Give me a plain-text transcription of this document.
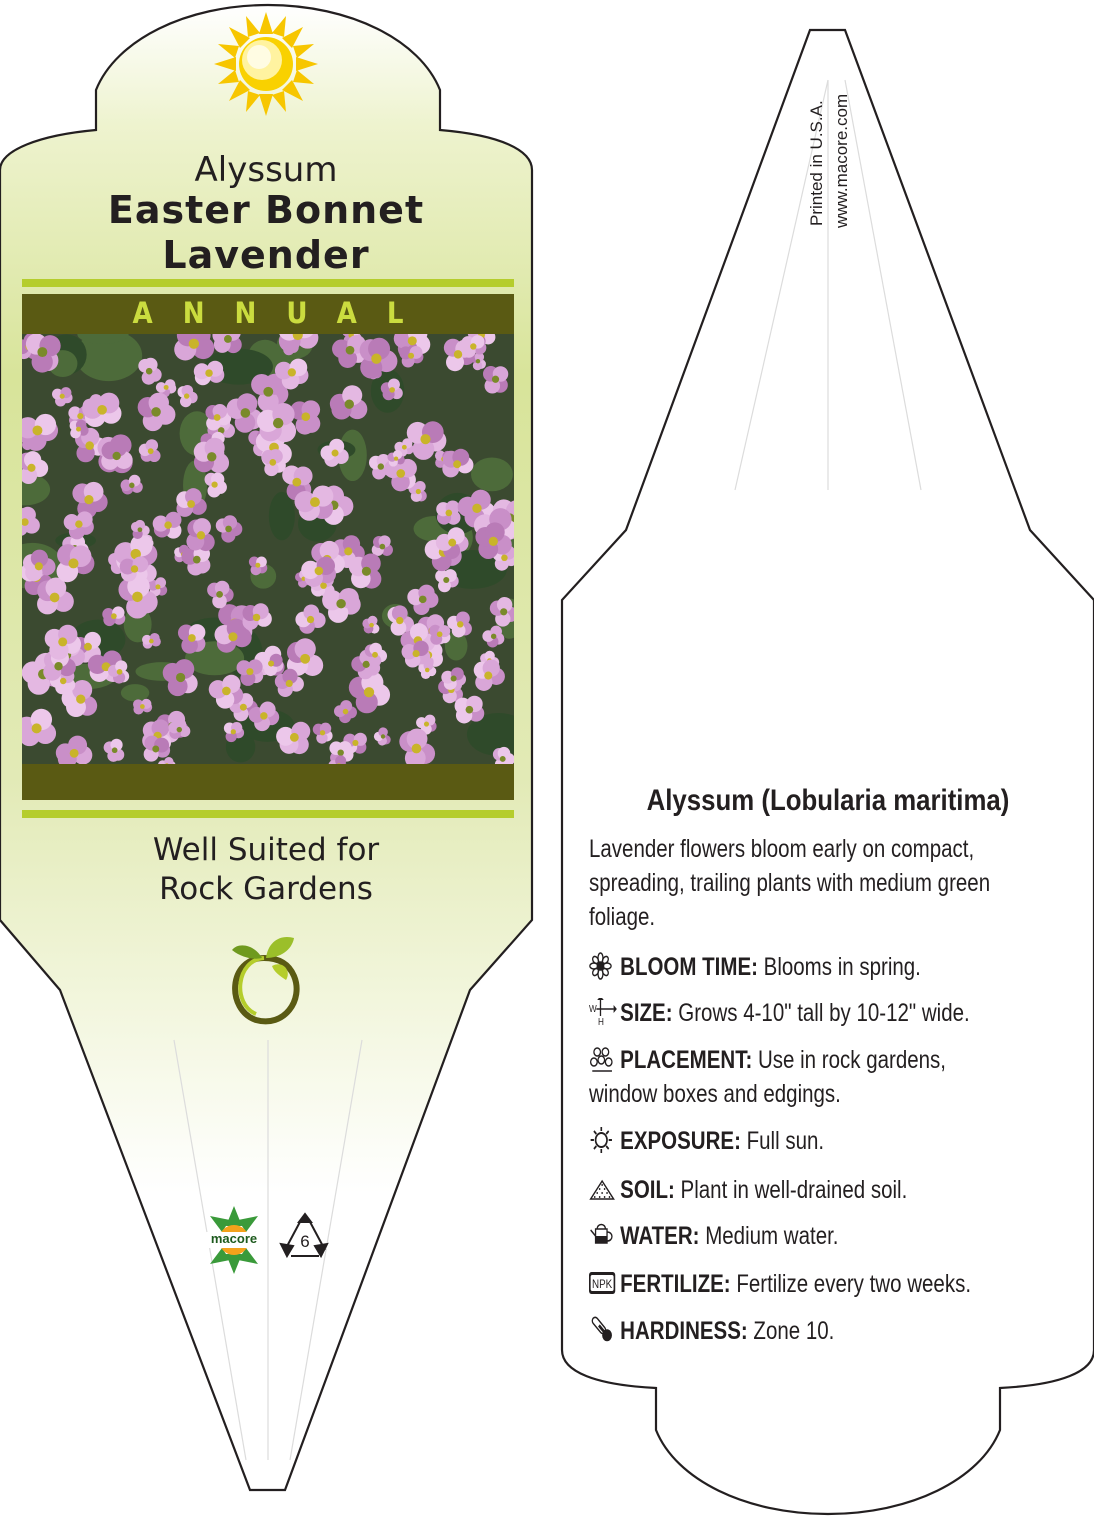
Alyssum
Easter Bonnet
Lavender
ANNUAL
Well Suited for
Rock Gardens
macore	6
Printed in U.S.A. www.macore.com
Alyssum (Lobularia maritima)
Lavender flowers bloom early on compact, spreading, trailing plants with medium green foliage.
BLOOM TIME: Blooms in spring.
W
H SIZE: Grows 4-10" tall by 10-12" wide.
PLACEMENT: Use in rock gardens, window boxes and edgings.
EXPOSURE: Full sun.
SOIL: Plant in well-drained soil.
WATER: Medium water.
NPK FERTILIZE: Fertilize every two weeks.
HARDINESS: Zone 10.
